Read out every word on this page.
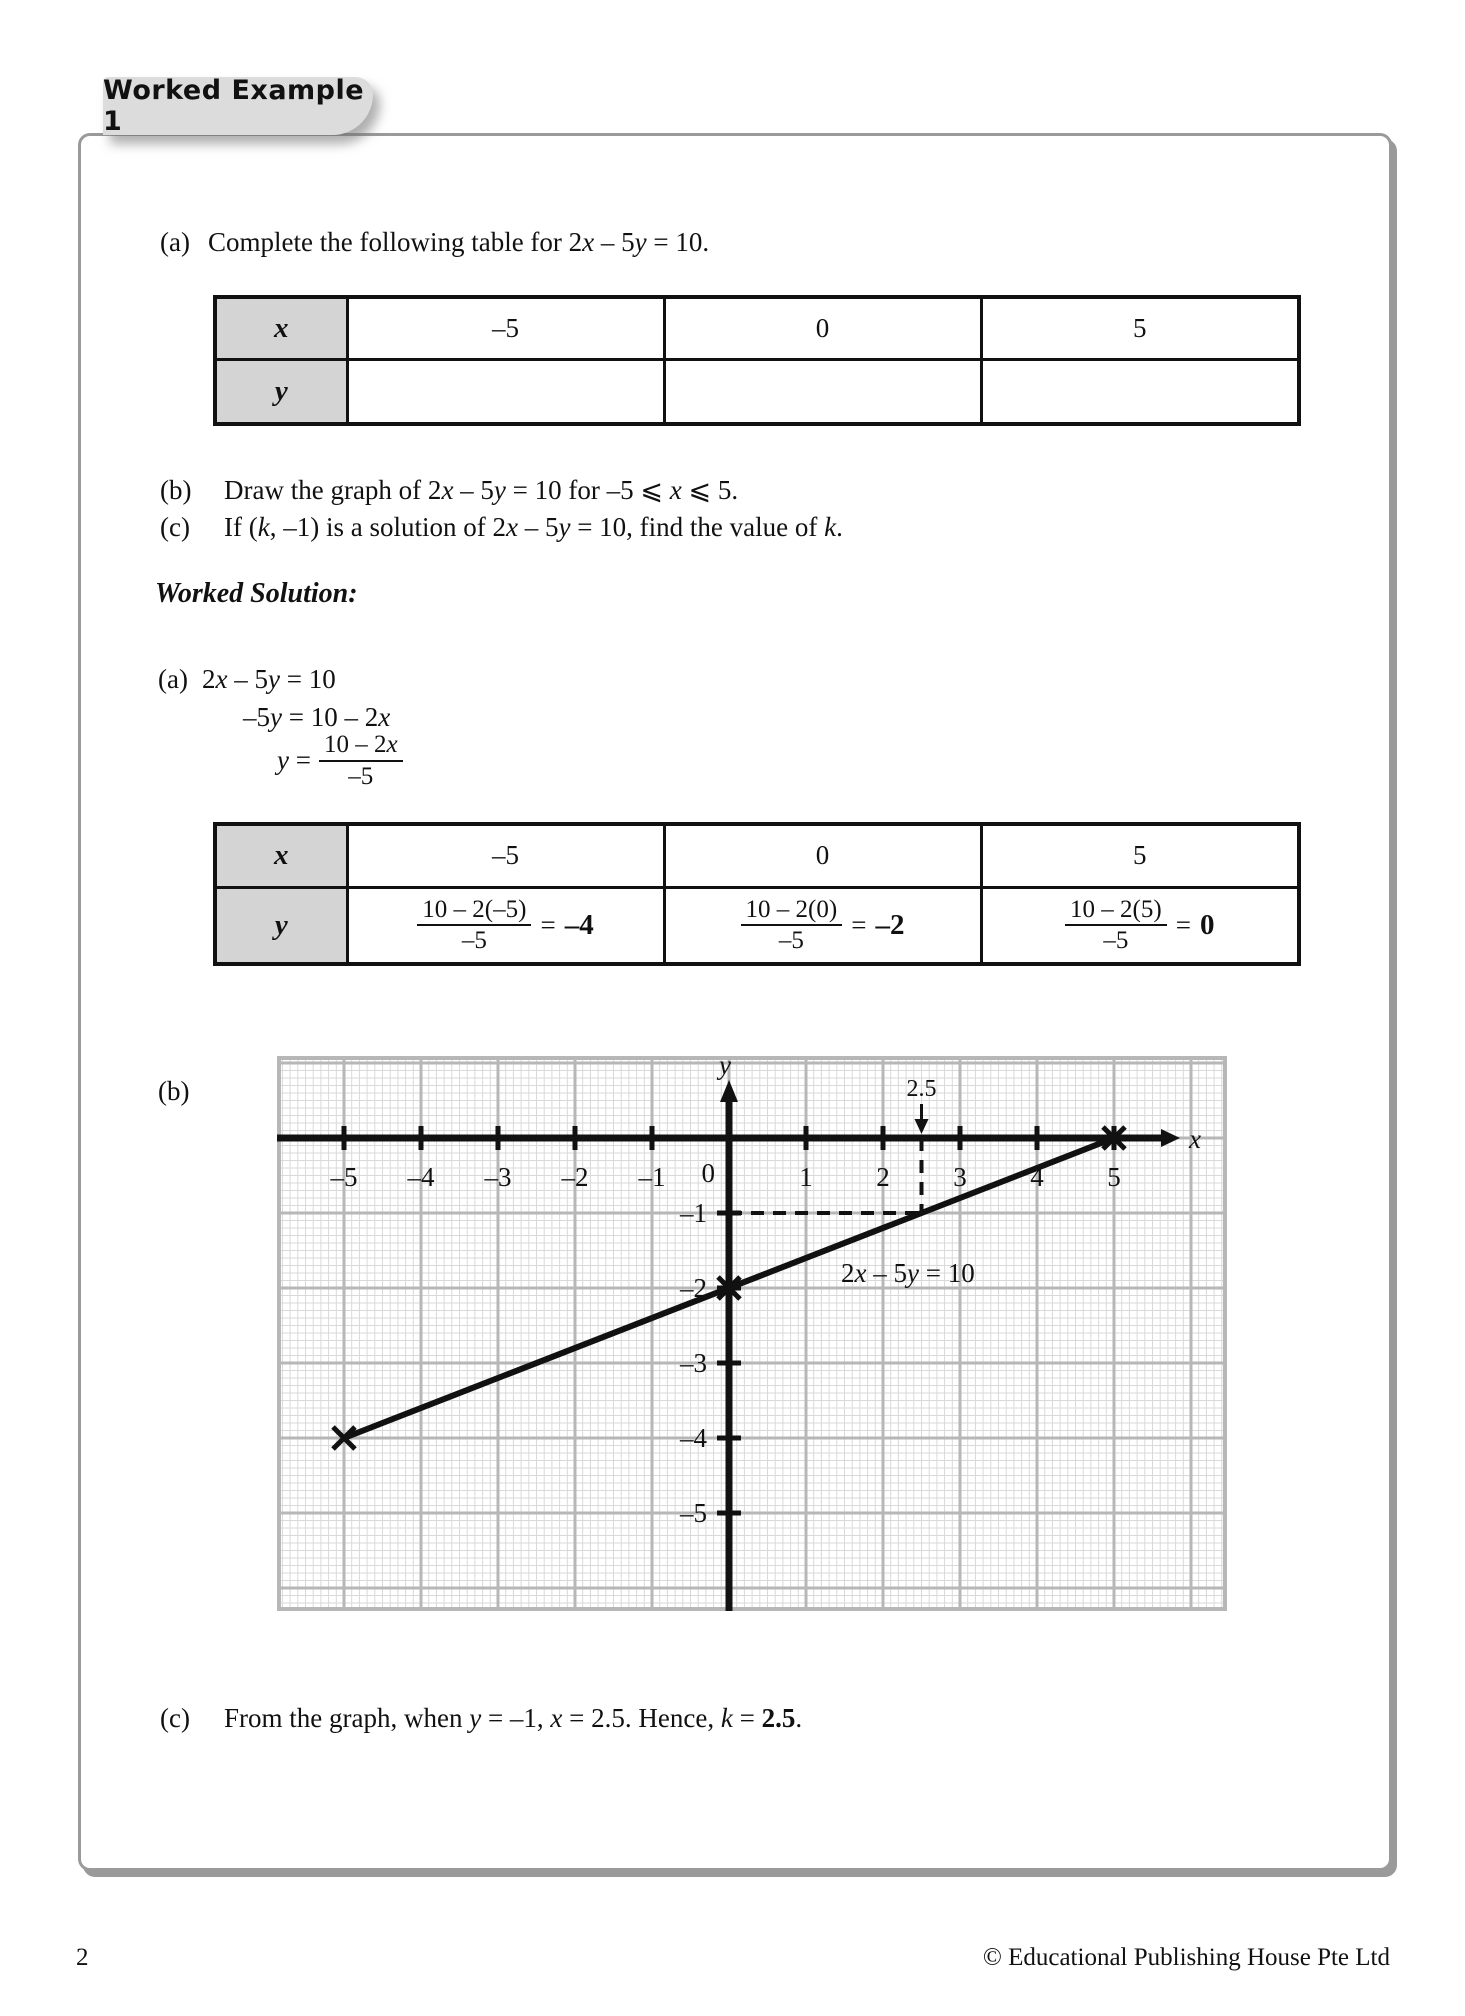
Worked Example 1
(a) Complete the following table for 2x – 5y = 10.
x	–5	0	5
y			
(b) Draw the graph of 2x – 5y = 10 for –5 ⩽ x ⩽ 5.
(c) If (k, –1) is a solution of 2x – 5y = 10, find the value of k.
Worked Solution:
(a) 2x – 5y = 10
–5y = 10 – 2x
$y = \frac{10 - 2x}{-5}$
x	–5	0	5
y	$\frac{10 - 2(-5)}{-5} = -4$	$\frac{10 - 2(0)}{-5} = -2$	$\frac{10 - 2(5)}{-5} = 0$
(b)
x
y
–5 –4 –3 –2 –1	1 2 3 4 5
0
–1
–2
–3
–4
–5
2.5
2x – 5y = 10
(c) From the graph, when y = –1, x = 2.5. Hence, k = 2.5.
2	© Educational Publishing House Pte Ltd
